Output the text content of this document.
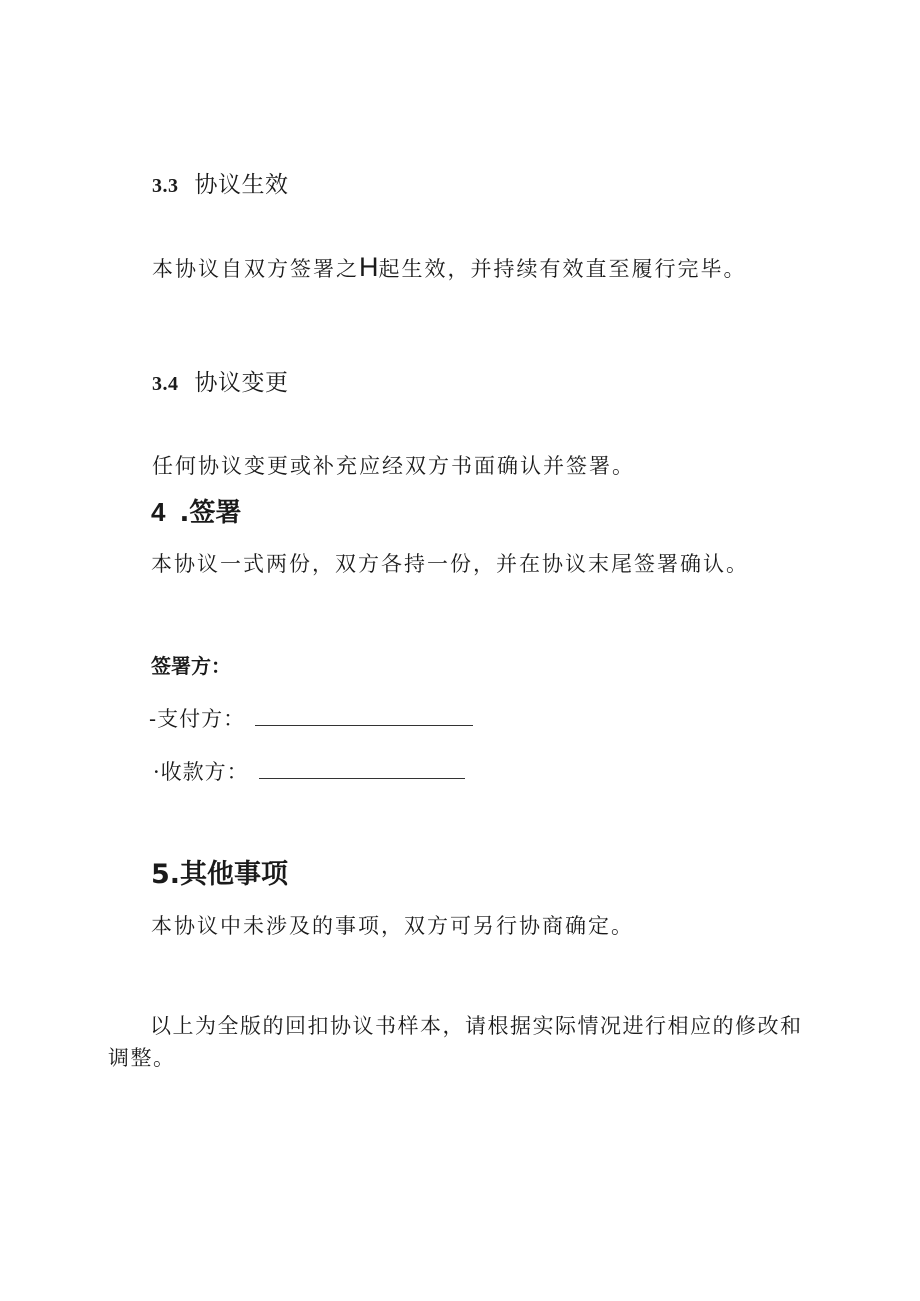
3.3 协议生效

本协议自双方签署之H起生效，并持续有效直至履行完毕。

3.4 协议变更

任何协议变更或补充应经双方书面确认并签署。

4 .签署

本协议一式两份，双方各持一份，并在协议末尾签署确认。

签署方：

-支付方：

·收款方：

5.其他事项

本协议中未涉及的事项，双方可另行协商确定。

以上为全版的回扣协议书样本，请根据实际情况进行相应的修改和调整。
